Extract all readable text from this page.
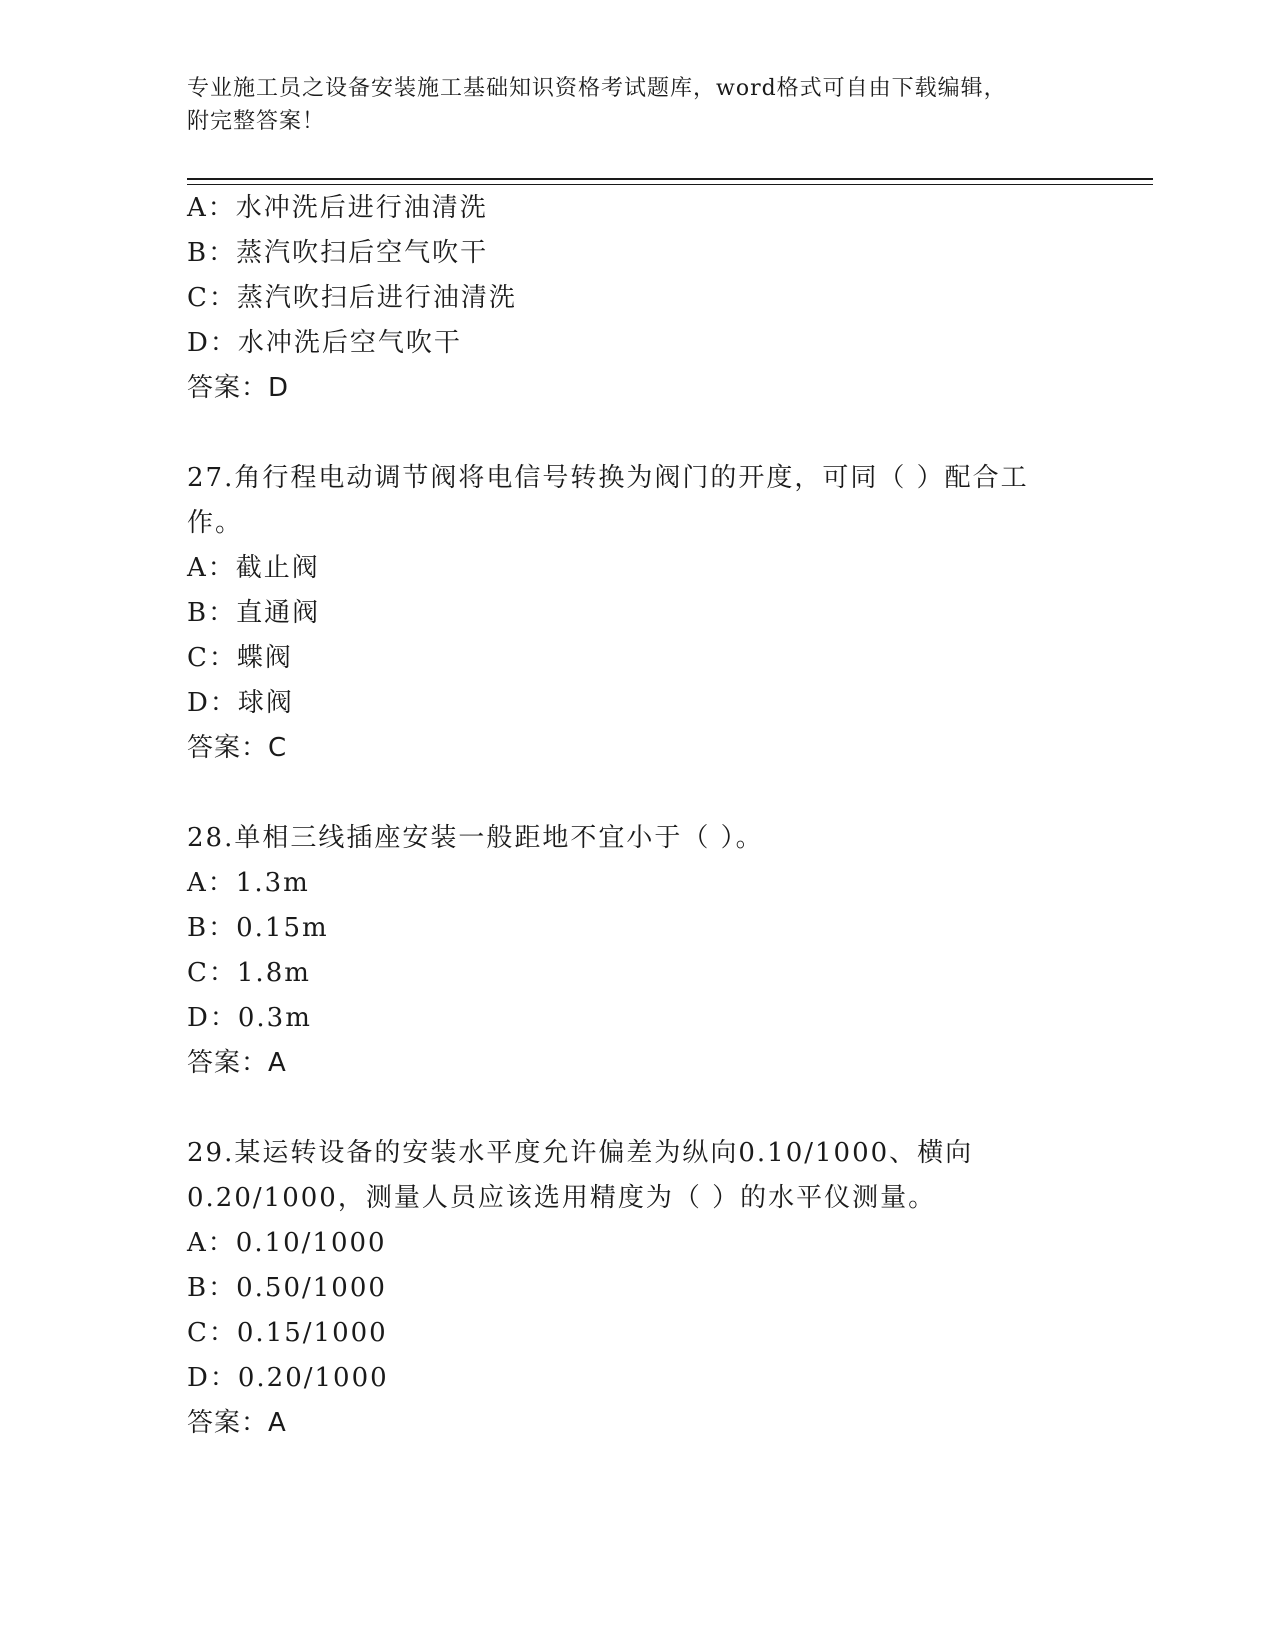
专业施工员之设备安装施工基础知识资格考试题库，word格式可自由下载编辑，
附完整答案！
A：水冲洗后进行油清洗
B：蒸汽吹扫后空气吹干
C：蒸汽吹扫后进行油清洗
D：水冲洗后空气吹干
答案：D
27.角行程电动调节阀将电信号转换为阀门的开度，可同（ ）配合工
作。
A：截止阀
B：直通阀
C：蝶阀
D：球阀
答案：C
28.单相三线插座安装一般距地不宜小于（ ）。
A：1.3m
B：0.15m
C：1.8m
D：0.3m
答案：A
29.某运转设备的安装水平度允许偏差为纵向0.10/1000、横向
0.20/1000，测量人员应该选用精度为（ ）的水平仪测量。
A：0.10/1000
B：0.50/1000
C：0.15/1000
D：0.20/1000
答案：A
